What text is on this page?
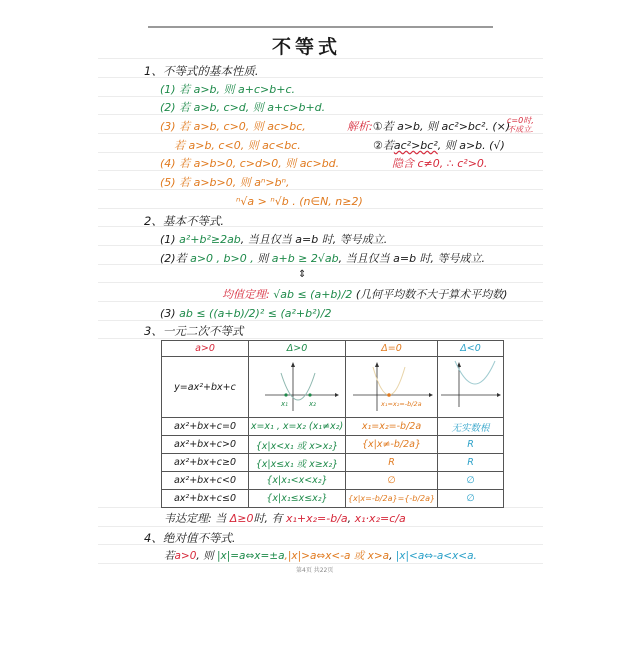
不等式
1、不等式的基本性质.
(1) 若 a>b, 则 a+c>b+c.
(2) 若 a>b, c>d, 则 a+c>b+d.
(3) 若 a>b, c>0, 则 ac>bc,
若 a>b, c<0, 则 ac<bc.
(4) 若 a>b>0, c>d>0, 则 ac>bd.
(5) 若 a>b>0, 则 aⁿ>bⁿ,
ⁿ√a > ⁿ√b . (n∈N, n≥2)
解析:①若 a>b, 则 ac²>bc². (×)
c=0时,
不成立.
②若ac²>bc², 则 a>b. (√)
隐含 c≠0, ∴ c²>0.
2、基本不等式.
(1) a²+b²≥2ab, 当且仅当 a=b 时, 等号成立.
(2)若 a>0 , b>0 , 则 a+b ≥ 2√ab, 当且仅当 a=b 时, 等号成立.
⇕
均值定理: √ab ≤ (a+b)/2 (几何平均数不大于算术平均数)
(3) ab ≤ ((a+b)/2)² ≤ (a²+b²)/2
3、一元二次不等式
a>0	Δ>0	Δ=0	Δ<0
y=ax²+bx+c	x₁ x₂	x₁=x₂=-b/2a

ax²+bx+c=0	x=x₁ , x=x₂ (x₁≠x₂)	x₁=x₂=-b/2a	无实数根
ax²+bx+c>0	{x|x<x₁ 或 x>x₂}	{x|x≠-b/2a}	R
ax²+bx+c≥0	{x|x≤x₁ 或 x≥x₂}	R	R
ax²+bx+c<0	{x|x₁<x<x₂}	∅	∅
ax²+bx+c≤0	{x|x₁≤x≤x₂}	{x|x=-b/2a}={-b/2a}	∅
韦达定理: 当 Δ≥0时, 有 x₁+x₂=-b/a, x₁·x₂=c/a
4、绝对值不等式.
若a>0, 则 |x|=a⇔x=±a,|x|>a⇔x<-a 或 x>a, |x|<a⇔-a<x<a.
第4页 共22页
